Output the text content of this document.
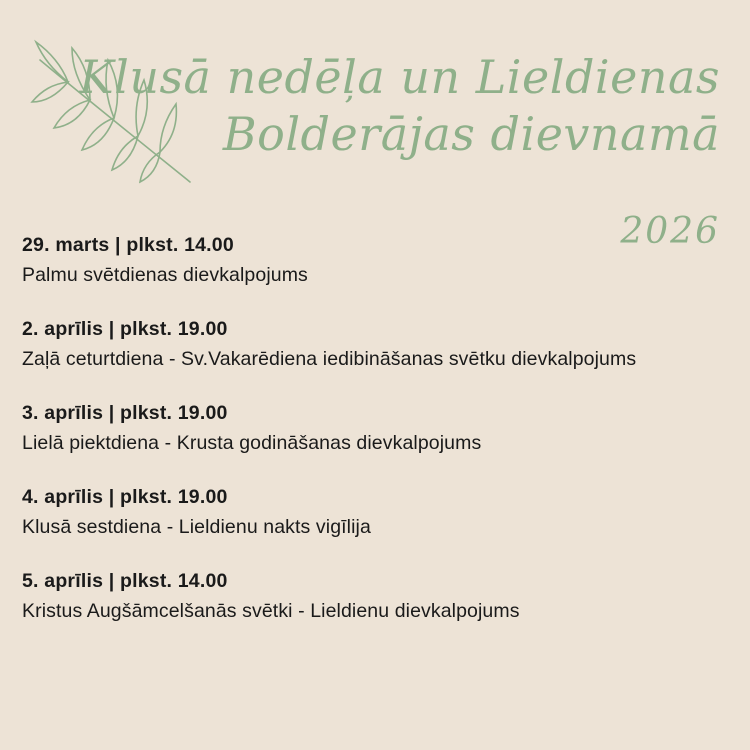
Klusā nedēļa un Lieldienas
Bolderājas dievnamā
2026
29. marts | plkst. 14.00
Palmu svētdienas dievkalpojums
2. aprīlis | plkst. 19.00
Zaļā ceturtdiena - Sv.Vakarēdiena iedibināšanas svētku dievkalpojums
3. aprīlis | plkst. 19.00
Lielā piektdiena - Krusta godināšanas dievkalpojums
4. aprīlis | plkst. 19.00
Klusā sestdiena - Lieldienu nakts vigīlija
5. aprīlis | plkst. 14.00
Kristus Augšāmcelšanās svētki - Lieldienu dievkalpojums
